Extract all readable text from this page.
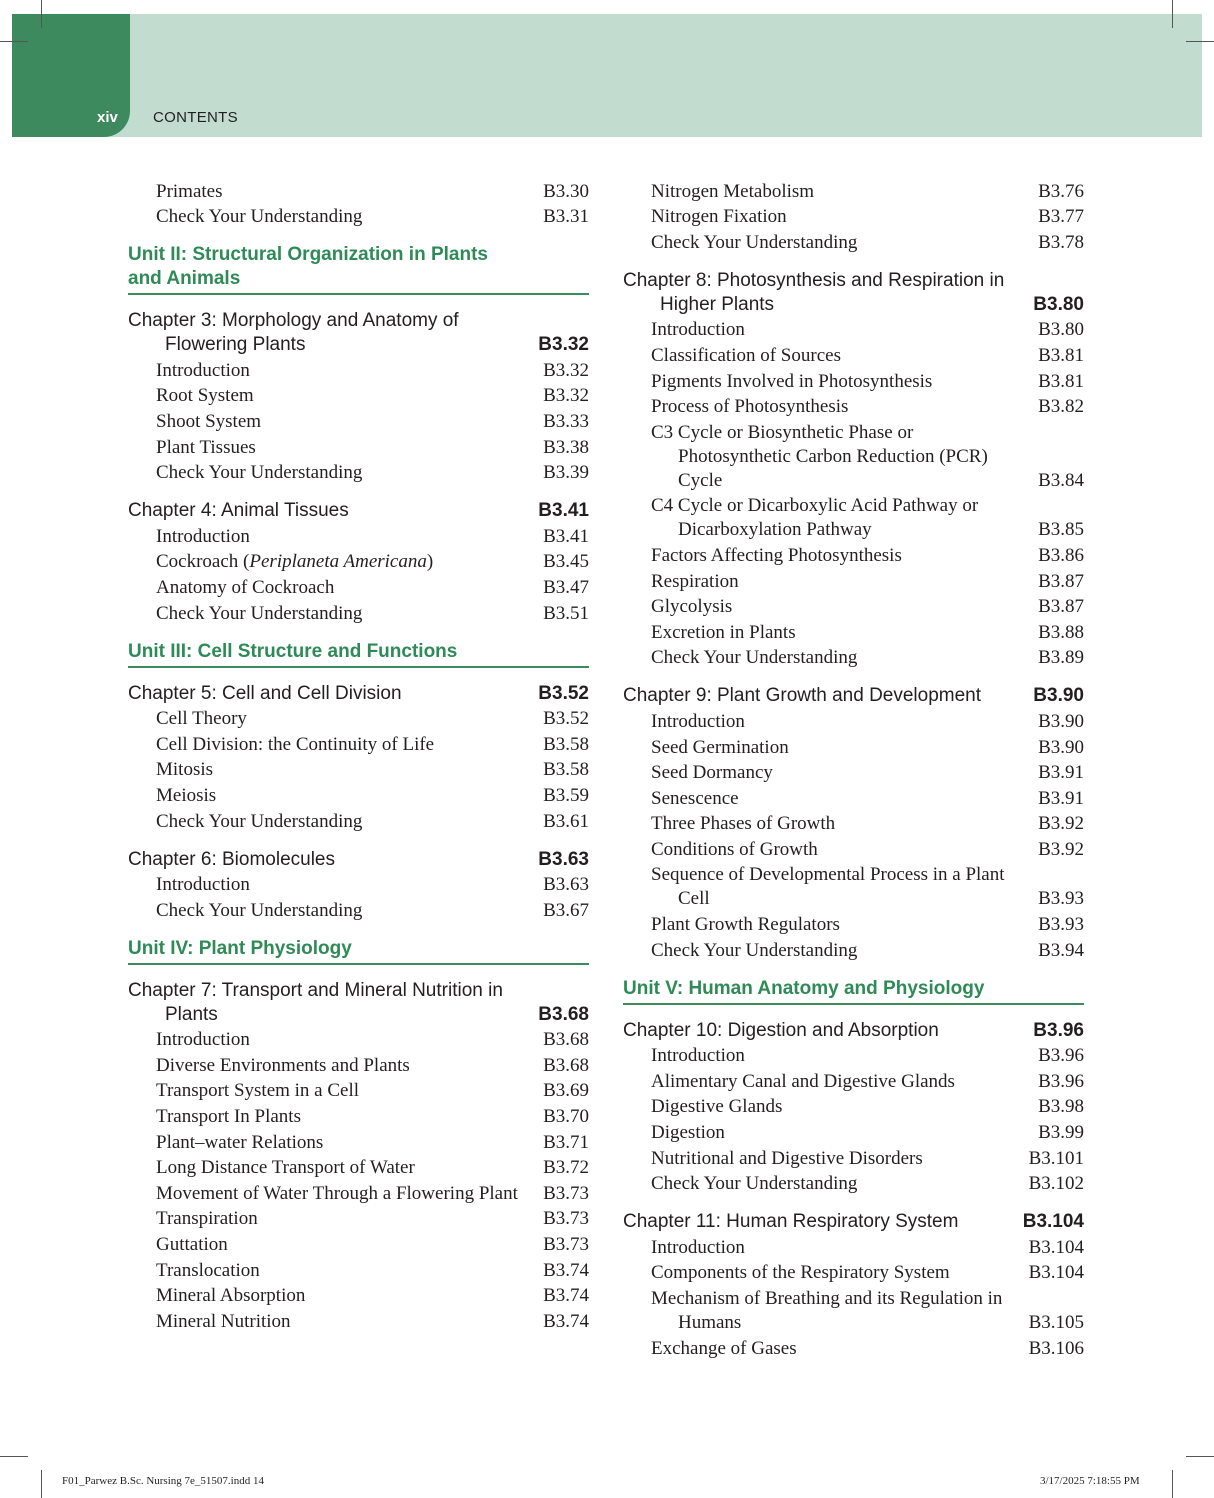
xiv CONTENTS
Primates	B3.30
Check Your Understanding	B3.31
Unit II: Structural Organization in Plants and Animals
Chapter 3: Morphology and Anatomy of Flowering Plants	B3.32
Introduction	B3.32
Root System	B3.32
Shoot System	B3.33
Plant Tissues	B3.38
Check Your Understanding	B3.39
Chapter 4: Animal Tissues	B3.41
Introduction	B3.41
Cockroach (Periplaneta Americana)	B3.45
Anatomy of Cockroach	B3.47
Check Your Understanding	B3.51
Unit III: Cell Structure and Functions
Chapter 5: Cell and Cell Division	B3.52
Cell Theory	B3.52
Cell Division: the Continuity of Life	B3.58
Mitosis	B3.58
Meiosis	B3.59
Check Your Understanding	B3.61
Chapter 6: Biomolecules	B3.63
Introduction	B3.63
Check Your Understanding	B3.67
Unit IV: Plant Physiology
Chapter 7: Transport and Mineral Nutrition in Plants	B3.68
Introduction	B3.68
Diverse Environments and Plants	B3.68
Transport System in a Cell	B3.69
Transport In Plants	B3.70
Plant–water Relations	B3.71
Long Distance Transport of Water	B3.72
Movement of Water Through a Flowering Plant	B3.73
Transpiration	B3.73
Guttation	B3.73
Translocation	B3.74
Mineral Absorption	B3.74
Mineral Nutrition	B3.74
Nitrogen Metabolism	B3.76
Nitrogen Fixation	B3.77
Check Your Understanding	B3.78
Chapter 8: Photosynthesis and Respiration in Higher Plants	B3.80
Introduction	B3.80
Classification of Sources	B3.81
Pigments Involved in Photosynthesis	B3.81
Process of Photosynthesis	B3.82
C3 Cycle or Biosynthetic Phase or Photosynthetic Carbon Reduction (PCR) Cycle	B3.84
C4 Cycle or Dicarboxylic Acid Pathway or Dicarboxylation Pathway	B3.85
Factors Affecting Photosynthesis	B3.86
Respiration	B3.87
Glycolysis	B3.87
Excretion in Plants	B3.88
Check Your Understanding	B3.89
Chapter 9: Plant Growth and Development	B3.90
Introduction	B3.90
Seed Germination	B3.90
Seed Dormancy	B3.91
Senescence	B3.91
Three Phases of Growth	B3.92
Conditions of Growth	B3.92
Sequence of Developmental Process in a Plant Cell	B3.93
Plant Growth Regulators	B3.93
Check Your Understanding	B3.94
Unit V: Human Anatomy and Physiology
Chapter 10: Digestion and Absorption	B3.96
Introduction	B3.96
Alimentary Canal and Digestive Glands	B3.96
Digestive Glands	B3.98
Digestion	B3.99
Nutritional and Digestive Disorders	B3.101
Check Your Understanding	B3.102
Chapter 11: Human Respiratory System	B3.104
Introduction	B3.104
Components of the Respiratory System	B3.104
Mechanism of Breathing and its Regulation in Humans	B3.105
Exchange of Gases	B3.106
F01_Parwez B.Sc. Nursing 7e_51507.indd 14	3/17/2025 7:18:55 PM
